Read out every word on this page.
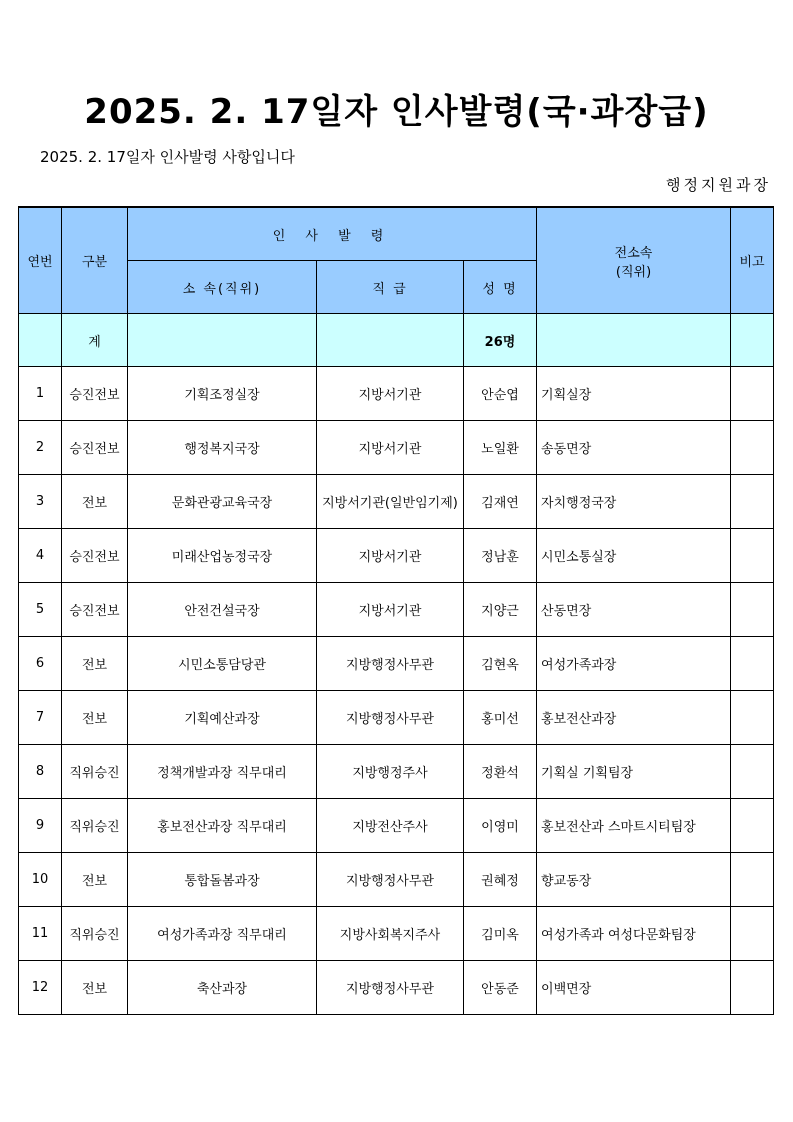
2025. 2. 17일자 인사발령(국·과장급)
2025. 2. 17일자 인사발령 사항입니다
행정지원과장
연번	구분	인 사 발 령			전소속
(직위)	비고
		소 속(직위)	직 급	성 명		
	계			26명		
1	승진전보	기획조정실장	지방서기관	안순엽	기획실장	
2	승진전보	행정복지국장	지방서기관	노일환	송동면장	
3	전보	문화관광교육국장	지방서기관(일반임기제)	김재연	자치행정국장	
4	승진전보	미래산업농정국장	지방서기관	정남훈	시민소통실장	
5	승진전보	안전건설국장	지방서기관	지양근	산동면장	
6	전보	시민소통담당관	지방행정사무관	김현옥	여성가족과장	
7	전보	기획예산과장	지방행정사무관	홍미선	홍보전산과장	
8	직위승진	정책개발과장 직무대리	지방행정주사	정환석	기획실 기획팀장	
9	직위승진	홍보전산과장 직무대리	지방전산주사	이영미	홍보전산과 스마트시티팀장	
10	전보	통합돌봄과장	지방행정사무관	권혜정	향교동장	
11	직위승진	여성가족과장 직무대리	지방사회복지주사	김미옥	여성가족과 여성다문화팀장	
12	전보	축산과장	지방행정사무관	안동준	이백면장	
